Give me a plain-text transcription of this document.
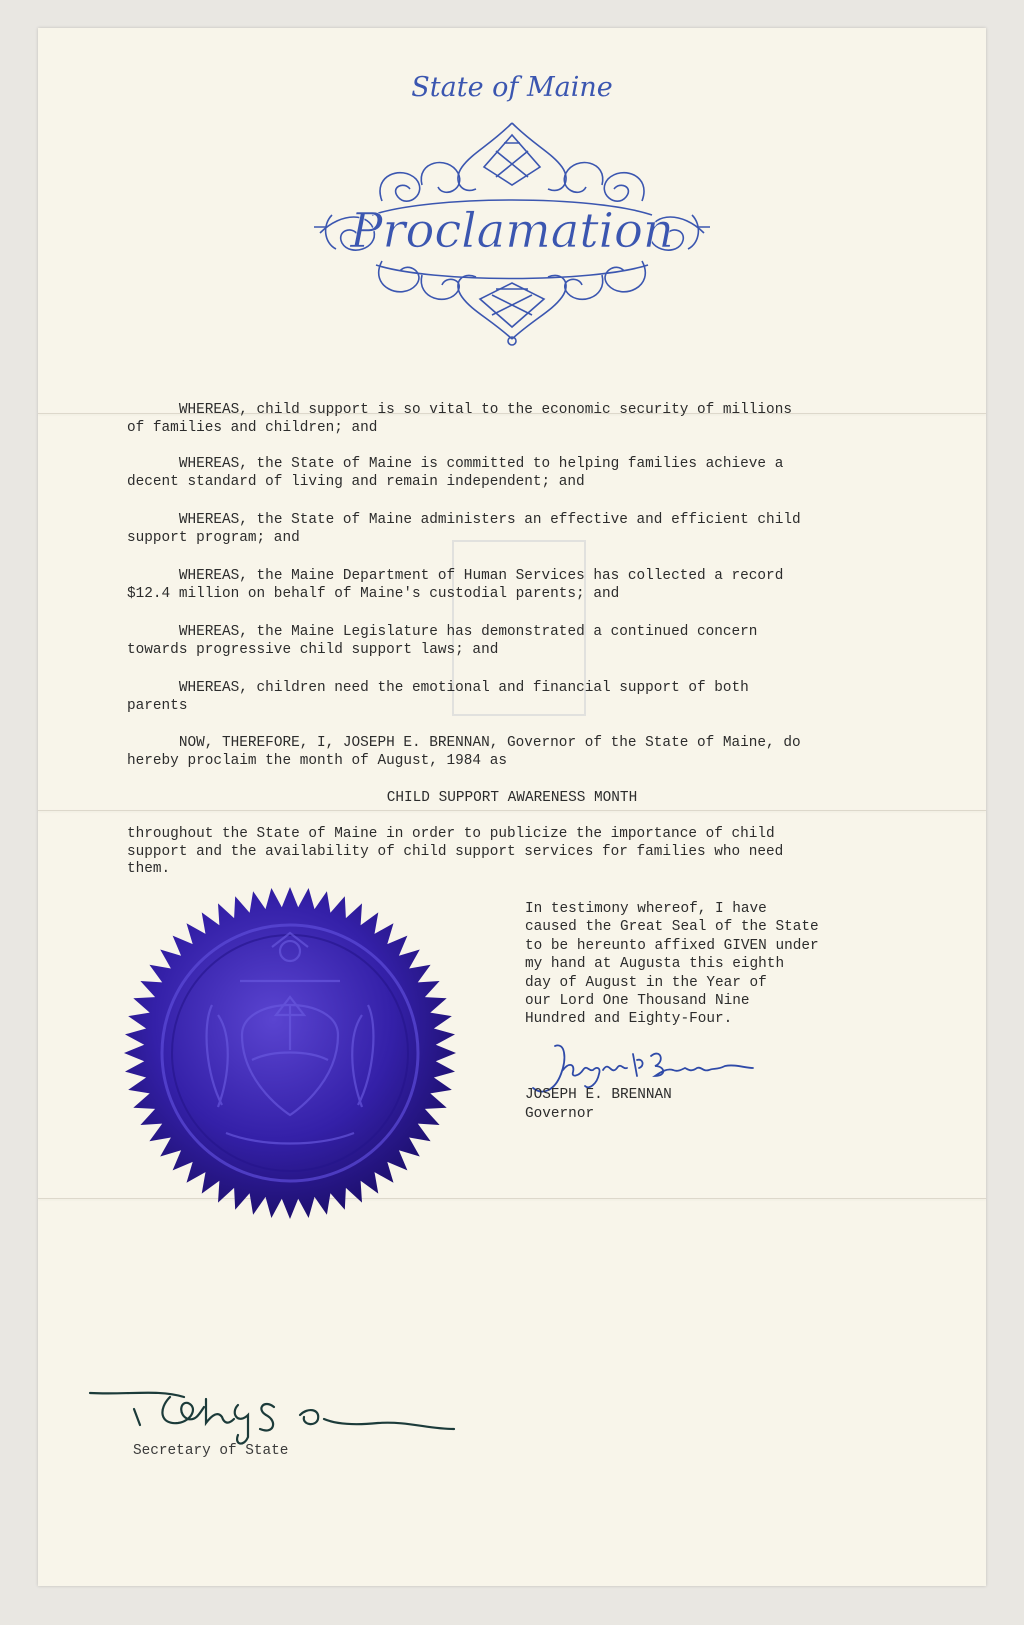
State of Maine
Proclamation

WHEREAS, child support is so vital to the economic security of millions
of families and children; and

WHEREAS, the State of Maine is committed to helping families achieve a
decent standard of living and remain independent; and

WHEREAS, the State of Maine administers an effective and efficient child
support program; and

WHEREAS, the Maine Department of Human Services has collected a record
$12.4 million on behalf of Maine's custodial parents; and

WHEREAS, the Maine Legislature has demonstrated a continued concern
towards progressive child support laws; and

WHEREAS, children need the emotional and financial support of both
parents

NOW, THEREFORE, I, JOSEPH E. BRENNAN, Governor of the State of Maine, do
hereby proclaim the month of August, 1984 as

CHILD SUPPORT AWARENESS MONTH

throughout the State of Maine in order to publicize the importance of child
support and the availability of child support services for families who need
them.

In testimony whereof, I have
caused the Great Seal of the State
to be hereunto affixed GIVEN under
my hand at Augusta this eighth
day of August in the Year of
our Lord One Thousand Nine
Hundred and Eighty-Four.

JOSEPH E. BRENNAN
Governor
Secretary of State
